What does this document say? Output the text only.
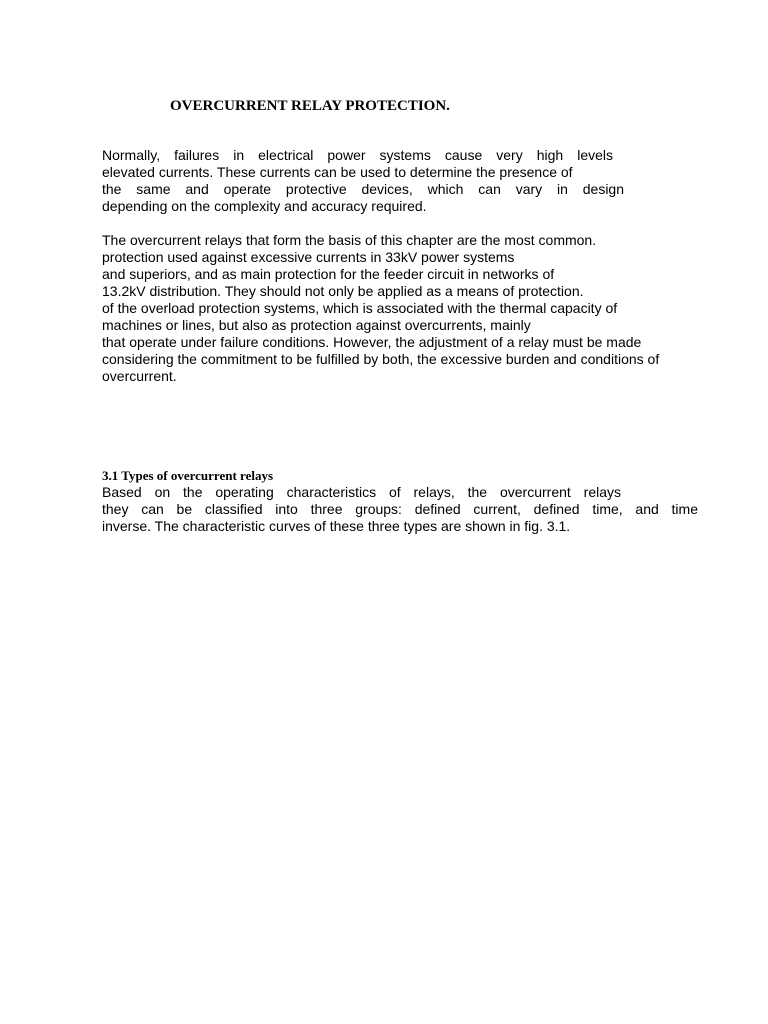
OVERCURRENT RELAY PROTECTION.
Normally, failures in electrical power systems cause very high levels
elevated currents. These currents can be used to determine the presence of
the same and operate protective devices, which can vary in design
depending on the complexity and accuracy required.
The overcurrent relays that form the basis of this chapter are the most common.
protection used against excessive currents in 33kV power systems
and superiors, and as main protection for the feeder circuit in networks of
13.2kV distribution. They should not only be applied as a means of protection.
of the overload protection systems, which is associated with the thermal capacity of
machines or lines, but also as protection against overcurrents, mainly
that operate under failure conditions. However, the adjustment of a relay must be made
considering the commitment to be fulfilled by both, the excessive burden and conditions of
overcurrent.
3.1 Types of overcurrent relays
Based on the operating characteristics of relays, the overcurrent relays
they can be classified into three groups: defined current, defined time, and time
inverse. The characteristic curves of these three types are shown in fig. 3.1.
